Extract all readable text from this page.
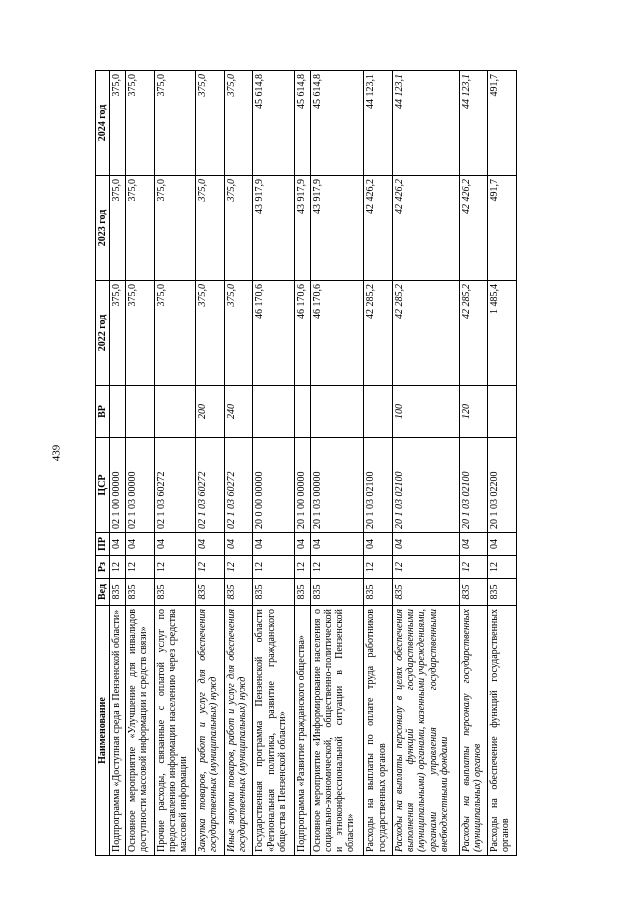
439
Наименование	Вед	Рз	ПР	ЦСР	ВР	2022 год	2023 год	2024 год
Подпрограмма «Доступная среда в Пензенской области»	835	12	04	02 1 00 00000		375,0	375,0	375,0
Основное мероприятие «Улучшение для инвалидов доступности массовой информации и средств связи»	835	12	04	02 1 03 00000		375,0	375,0	375,0
Прочие расходы, связанные с оплатой услуг по предоставлению информации населению через средства массовой информации	835	12	04	02 1 03 60272		375,0	375,0	375,0
Закупка товаров, работ и услуг для обеспечения государственных (муниципальных) нужд	835	12	04	02 1 03 60272	200	375,0	375,0	375,0
Иные закупки товаров, работ и услуг для обеспечения государственных (муниципальных) нужд	835	12	04	02 1 03 60272	240	375,0	375,0	375,0
Государственная программа Пензенской области «Региональная политика, развитие гражданского общества в Пензенской области»	835	12	04	20 0 00 00000		46 170,6	43 917,9	45 614,8
Подпрограмма «Развитие гражданского общества»	835	12	04	20 1 00 00000		46 170,6	43 917,9	45 614,8
Основное мероприятие «Информирование населения о социально-экономической, общественно-политической и этноконфессиональной ситуации в Пензенской области»	835	12	04	20 1 03 00000		46 170,6	43 917,9	45 614,8
Расходы на выплаты по оплате труда работников государственных органов	835	12	04	20 1 03 02100		42 285,2	42 426,2	44 123,1
Расходы на выплаты персоналу в целях обеспечения выполнения функций государственными (муниципальными) органами, казенными учреждениями, органами управления государственными внебюджетными фондами	835	12	04	20 1 03 02100	100	42 285,2	42 426,2	44 123,1
Расходы на выплаты персоналу государственных (муниципальных) органов	835	12	04	20 1 03 02100	120	42 285,2	42 426,2	44 123,1
Расходы на обеспечение функций государственных органов	835	12	04	20 1 03 02200		1 485,4	491,7	491,7
